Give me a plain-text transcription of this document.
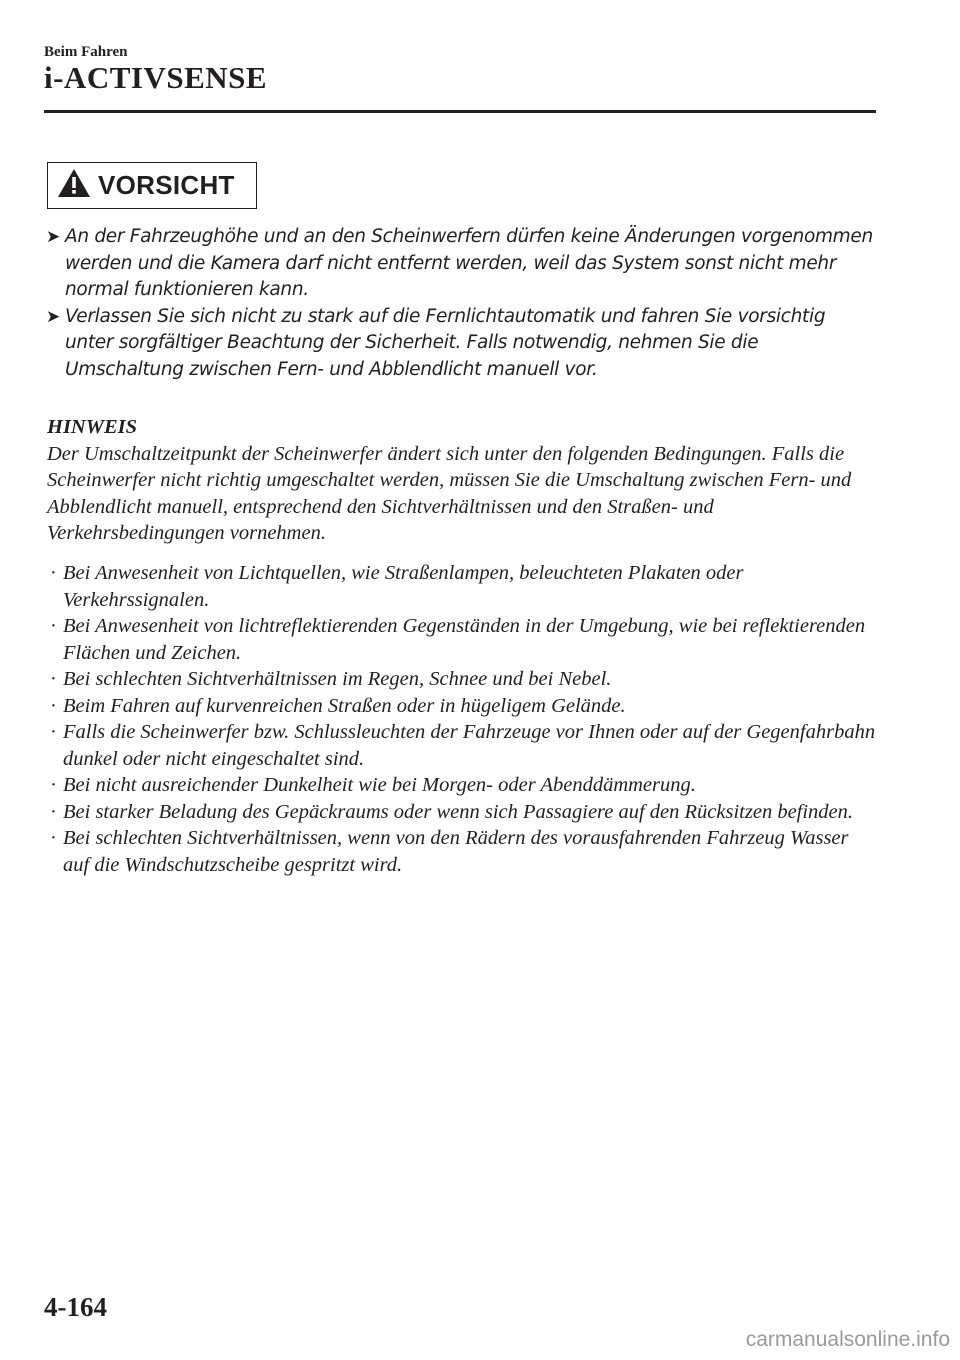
Beim Fahren
i-ACTIVSENSE
VORSICHT
➤ An der Fahrzeughöhe und an den Scheinwerfern dürfen keine Änderungen vorgenommen werden und die Kamera darf nicht entfernt werden, weil das System sonst nicht mehr normal funktionieren kann.
➤ Verlassen Sie sich nicht zu stark auf die Fernlichtautomatik und fahren Sie vorsichtig unter sorgfältiger Beachtung der Sicherheit. Falls notwendig, nehmen Sie die Umschaltung zwischen Fern- und Abblendlicht manuell vor.
HINWEIS

Der Umschaltzeitpunkt der Scheinwerfer ändert sich unter den folgenden Bedingungen. Falls die Scheinwerfer nicht richtig umgeschaltet werden, müssen Sie die Umschaltung zwischen Fern- und Abblendlicht manuell, entsprechend den Sichtverhältnissen und den Straßen- und Verkehrsbedingungen vornehmen.

· Bei Anwesenheit von Lichtquellen, wie Straßenlampen, beleuchteten Plakaten oder Verkehrssignalen.
· Bei Anwesenheit von lichtreflektierenden Gegenständen in der Umgebung, wie bei reflektierenden Flächen und Zeichen.
· Bei schlechten Sichtverhältnissen im Regen, Schnee und bei Nebel.
· Beim Fahren auf kurvenreichen Straßen oder in hügeligem Gelände.
· Falls die Scheinwerfer bzw. Schlussleuchten der Fahrzeuge vor Ihnen oder auf der Gegenfahrbahn dunkel oder nicht eingeschaltet sind.
· Bei nicht ausreichender Dunkelheit wie bei Morgen- oder Abenddämmerung.
· Bei starker Beladung des Gepäckraums oder wenn sich Passagiere auf den Rücksitzen befinden.
· Bei schlechten Sichtverhältnissen, wenn von den Rädern des vorausfahrenden Fahrzeug Wasser auf die Windschutzscheibe gespritzt wird.
4-164
carmanualsonline.info
